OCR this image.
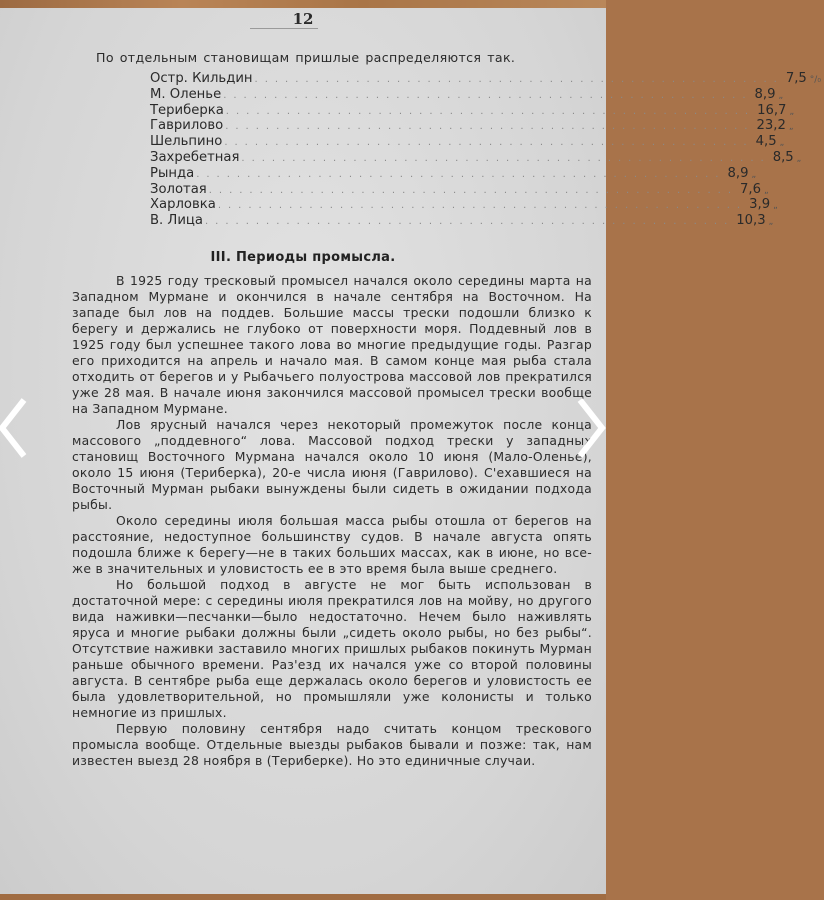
12
По отдельным становищам пришлые распределяются так.
Остр. Кильдин .................................................... 7,5 °/₀
М. Оленье .................................................... 8,9 „
Териберка .................................................... 16,7 „
Гаврилово .................................................... 23,2 „
Шельпино .................................................... 4,5 „
Захребетная .................................................... 8,5 „
Рында .................................................... 8,9 „
Золотая .................................................... 7,6 „
Харловка .................................................... 3,9 „
В. Лица .................................................... 10,3 „
III. Периоды промысла.

В 1925 году тресковый промысел начался около середины марта на Западном Мурмане и окончился в начале сентября на Восточном. На западе был лов на поддев. Большие массы трески подошли близко к берегу и держались не глубоко от поверхности моря. Поддевный лов в 1925 году был успешнее такого лова во многие предыдущие годы. Разгар его приходится на апрель и начало мая. В самом конце мая рыба стала отходить от берегов и у Рыбачьего полуострова массовой лов прекратился уже 28 мая. В начале июня закончился массовой промысел трески вообще на Западном Мурмане.

Лов ярусный начался через некоторый промежуток после конца массового „поддевного“ лова. Массовой подход трески у западных становищ Восточного Мурмана начался около 10 июня (Мало-Оленье), около 15 июня (Териберка), 20-е числа июня (Гаврилово). С'ехавшиеся на Восточный Мурман рыбаки вынуждены были сидеть в ожидании подхода рыбы.

Около середины июля большая масса рыбы отошла от берегов на расстояние, недоступное большинству судов. В начале августа опять подошла ближе к берегу—не в таких больших массах, как в июне, но все-же в значительных и уловистость ее в это время была выше среднего.

Но большой подход в августе не мог быть использован в достаточной мере: с середины июля прекратился лов на мойву, но другого вида наживки—песчанки—было недостаточно. Нечем было наживлять яруса и многие рыбаки должны были „сидеть около рыбы, но без рыбы“. Отсутствие наживки заставило многих пришлых рыбаков покинуть Мурман раньше обычного времени. Раз'езд их начался уже со второй половины августа. В сентябре рыба еще держалась около берегов и уловистость ее была удовлетворительной, но промышляли уже колонисты и только немногие из пришлых.

Первую половину сентября надо считать концом трескового промысла вообще. Отдельные выезды рыбаков бывали и позже: так, нам известен выезд 28 ноября в (Териберке). Но это единичные случаи.
